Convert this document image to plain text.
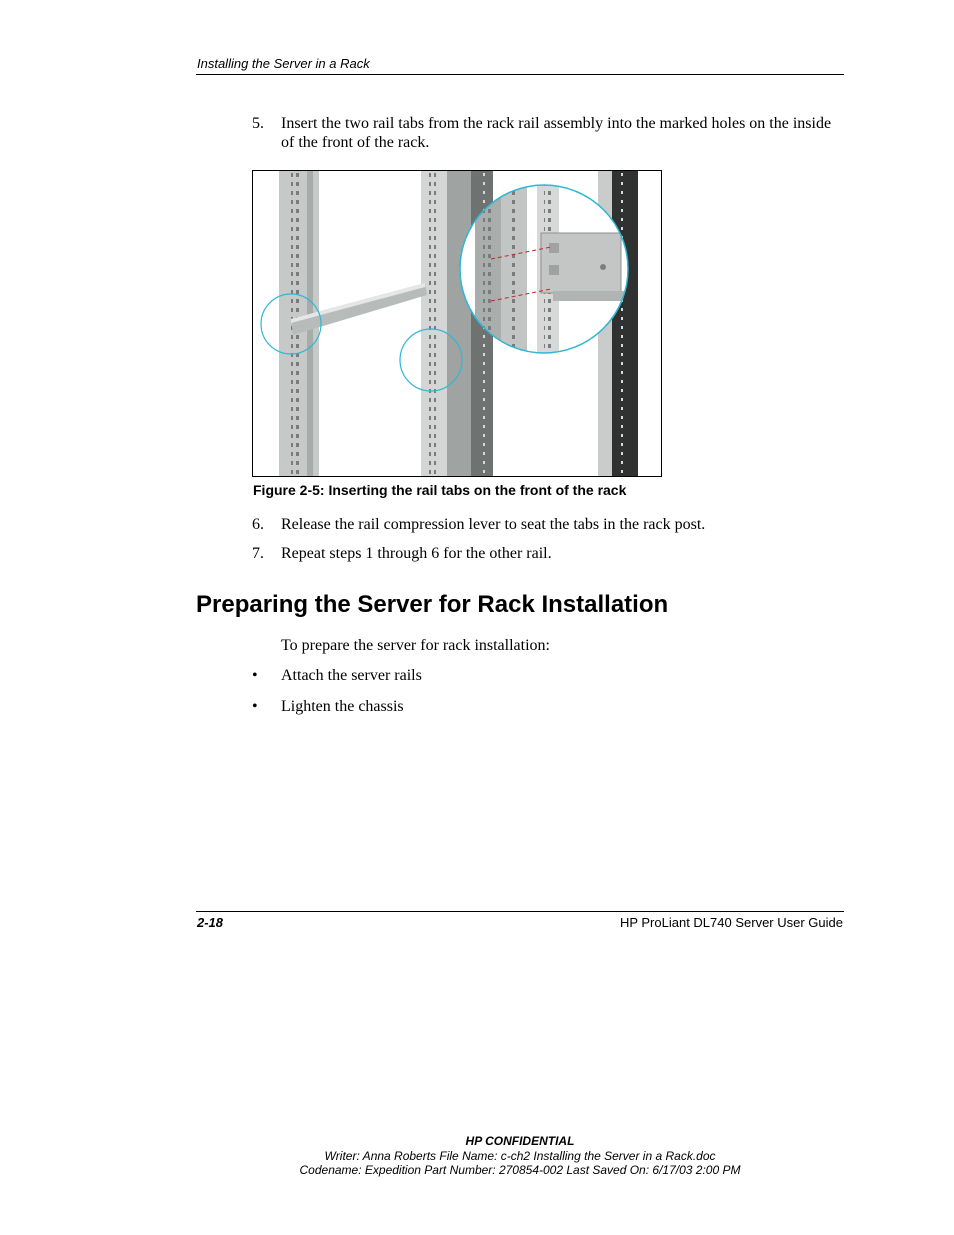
Installing the Server in a Rack
5. Insert the two rail tabs from the rack rail assembly into the marked holes on the inside of the front of the rack.
Figure 2-5: Inserting the rail tabs on the front of the rack
6. Release the rail compression lever to seat the tabs in the rack post.
7. Repeat steps 1 through 6 for the other rail.
Preparing the Server for Rack Installation
To prepare the server for rack installation:
• Attach the server rails
• Lighten the chassis
2-18	HP ProLiant DL740 Server User Guide
HP CONFIDENTIAL
Writer: Anna Roberts File Name: c-ch2 Installing the Server in a Rack.doc
Codename: Expedition Part Number: 270854-002 Last Saved On: 6/17/03 2:00 PM
